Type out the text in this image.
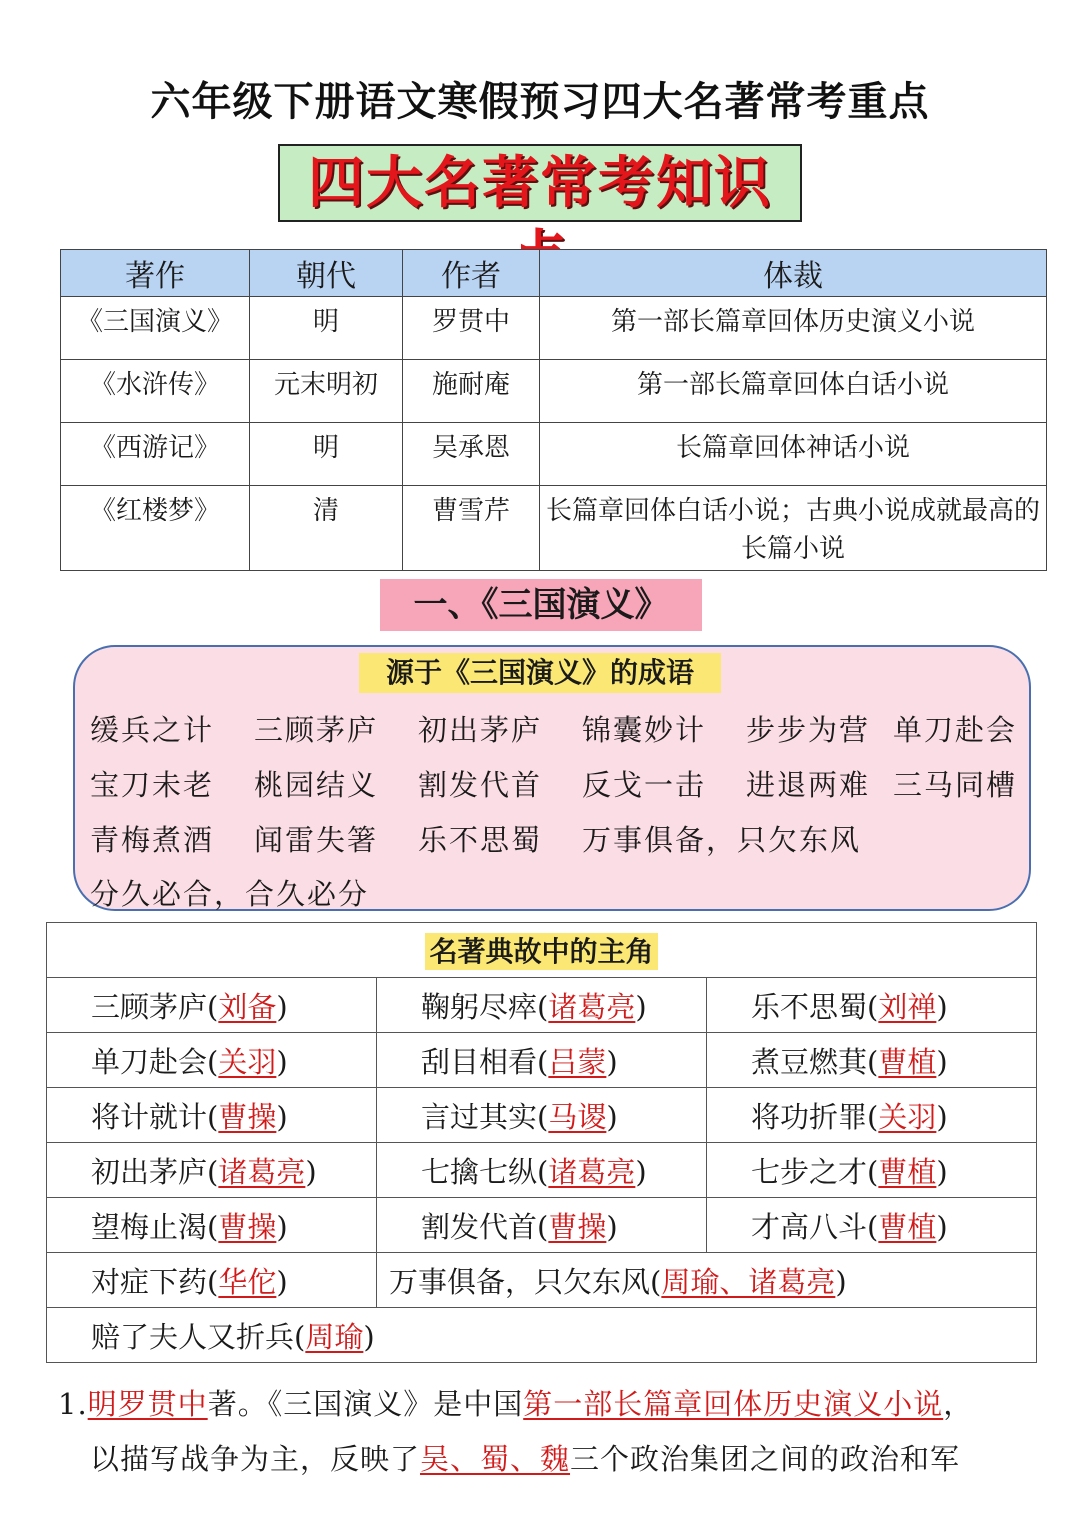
六年级下册语文寒假预习四大名著常考重点
四大名著常考知识
著作	朝代	作者	体裁
《三国演义》	明	罗贯中	第一部长篇章回体历史演义小说
《水浒传》	元末明初	施耐庵	第一部长篇章回体白话小说
《西游记》	明	吴承恩	长篇章回体神话小说
《红楼梦》	清	曹雪芹	长篇章回体白话小说；古典小说成就最高的长篇小说
一、《三国演义》
源于《三国演义》的成语
缓兵之计 三顾茅庐 初出茅庐 锦囊妙计 步步为营 单刀赴会
宝刀未老 桃园结义 割发代首 反戈一击 进退两难 三马同槽
青梅煮酒 闻雷失箸 乐不思蜀 万事俱备，只欠东风
分久必合，合久必分
名著典故中的主角		
三顾茅庐(刘备)	鞠躬尽瘁(诸葛亮)	乐不思蜀(刘禅)
单刀赴会(关羽)	刮目相看(吕蒙)	煮豆燃萁(曹植)
将计就计(曹操)	言过其实(马谡)	将功折罪(关羽)
初出茅庐(诸葛亮)	七擒七纵(诸葛亮)	七步之才(曹植)
望梅止渴(曹操)	割发代首(曹操)	才高八斗(曹植)
对症下药(华佗)	万事俱备，只欠东风(周瑜、诸葛亮)	
赔了夫人又折兵(周瑜)		
1.明罗贯中著。《三国演义》是中国第一部长篇章回体历史演义小说，
以描写战争为主，反映了吴、蜀、魏三个政治集团之间的政治和军
